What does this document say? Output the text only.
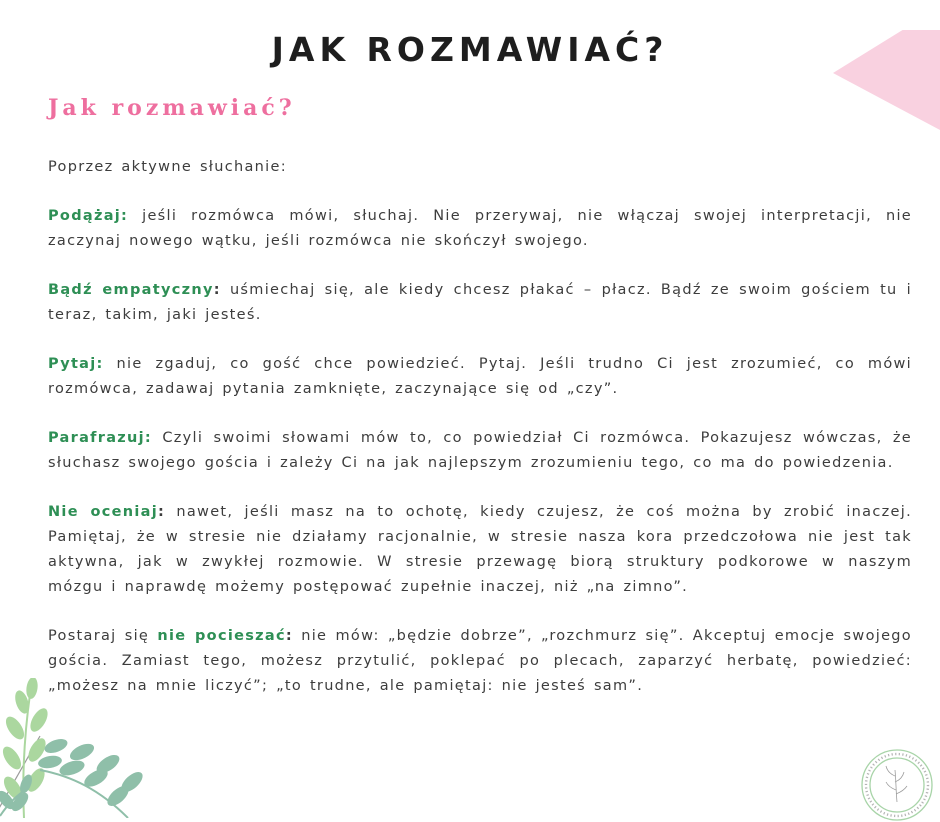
JAK ROZMAWIAĆ?
Jak rozmawiać?

Poprzez aktywne słuchanie:

Podążaj: jeśli rozmówca mówi, słuchaj. Nie przerywaj, nie włączaj swojej interpretacji, nie zaczynaj nowego wątku, jeśli rozmówca nie skończył swojego.

Bądź empatyczny: uśmiechaj się, ale kiedy chcesz płakać – płacz. Bądź ze swoim gościem tu i teraz, takim, jaki jesteś.

Pytaj: nie zgaduj, co gość chce powiedzieć. Pytaj. Jeśli trudno Ci jest zrozumieć, co mówi rozmówca, zadawaj pytania zamknięte, zaczynające się od „czy”.

Parafrazuj: Czyli swoimi słowami mów to, co powiedział Ci rozmówca. Pokazujesz wówczas, że słuchasz swojego gościa i zależy Ci na jak najlepszym zrozumieniu tego, co ma do powiedzenia.

Nie oceniaj: nawet, jeśli masz na to ochotę, kiedy czujesz, że coś można by zrobić inaczej. Pamiętaj, że w stresie nie działamy racjonalnie, w stresie nasza kora przedczołowa nie jest tak aktywna, jak w zwykłej rozmowie. W stresie przewagę biorą struktury podkorowe w naszym mózgu i naprawdę możemy postępować zupełnie inaczej, niż „na zimno”.

Postaraj się nie pocieszać: nie mów: „będzie dobrze”, „rozchmurz się”. Akceptuj emocje swojego gościa. Zamiast tego, możesz przytulić, poklepać po plecach, zaparzyć herbatę, powiedzieć: „możesz na mnie liczyć”; „to trudne, ale pamiętaj: nie jesteś sam”.
